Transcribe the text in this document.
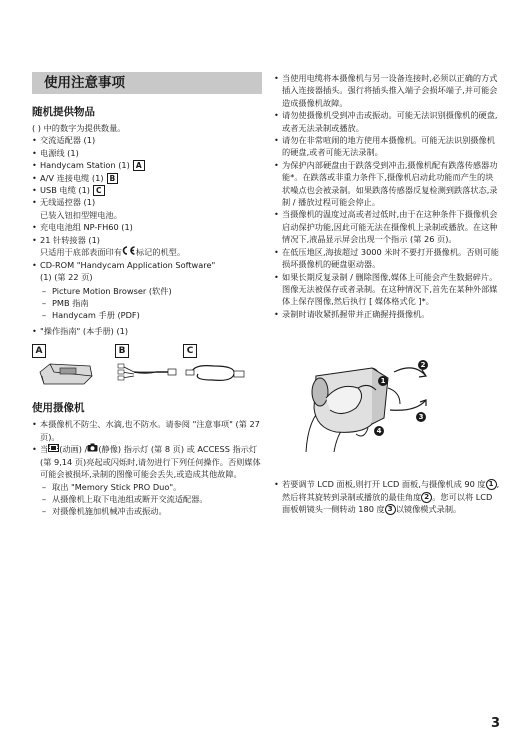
使用注意事项
随机提供物品

( ) 中的数字为提供数量。

• 交流适配器 (1)
• 电源线 (1)
• Handycam Station (1) A
• A/V 连接电缆 (1) B
• USB 电缆 (1) C
• 无线遥控器 (1)
已装入钮扣型锂电池。
• 充电电池组 NP-FH60 (1)
• 21 针转接器 (1)
只适用于底部表面印有 标记的机型。
• CD-ROM "Handycam Application Software"
(1) (第 22 页)
– Picture Motion Browser (软件)
– PMB 指南
– Handycam 手册 (PDF)
• "操作指南" (本手册) (1)
A	B	C
使用摄像机
• 本摄像机不防尘、水滴,也不防水。请参阅 "注意事项" (第 27 页)。
• 当 (动画) / (静像) 指示灯 (第 8 页) 或 ACCESS 指示灯(第 9,14 页)亮起或闪烁时,请勿进行下列任何操作。否则媒体可能会被损坏,录制的图像可能会丢失,或造成其他故障。
– 取出 "Memory Stick PRO Duo"。
– 从摄像机上取下电池组或断开交流适配器。
– 对摄像机施加机械冲击或振动。
• 当使用电缆将本摄像机与另一设备连接时,必须以正确的方式插入连接器插头。强行将插头推入端子会损坏端子,并可能会造成摄像机故障。
• 请勿使摄像机受到冲击或振动。可能无法识别摄像机的硬盘,或者无法录制或播放。
• 请勿在非常喧闹的地方使用本摄像机。可能无法识别摄像机的硬盘,或者可能无法录制。
• 为保护内部硬盘由于跌落受到冲击,摄像机配有跌落传感器功能*。在跌落或非重力条件下,摄像机启动此功能而产生的块状噪点也会被录制。如果跌落传感器反复检测到跌落状态,录制 / 播放过程可能会停止。
• 当摄像机的温度过高或者过低时,由于在这种条件下摄像机会启动保护功能,因此可能无法在摄像机上录制或播放。在这种情况下,液晶显示屏会出现一个指示 (第 26 页)。
• 在低压地区,海拔超过 3000 米时不要打开摄像机。否则可能损坏摄像机的硬盘驱动器。
• 如果长期反复录制 / 删除图像,媒体上可能会产生数据碎片。图像无法被保存或者录制。在这种情况下,首先在某种外部媒体上保存图像,然后执行 [ 媒体格式化 ]*。
• 录制时请收紧抓握带并正确握持摄像机。
1
2
3
4
• 若要调节 LCD 面板,则打开 LCD 面板,与摄像机成 90 度 1 ,然后将其旋转到录制或播放的最佳角度 2 。您可以将 LCD 面板朝镜头一侧转动 180 度 3 以镜像模式录制。
3
